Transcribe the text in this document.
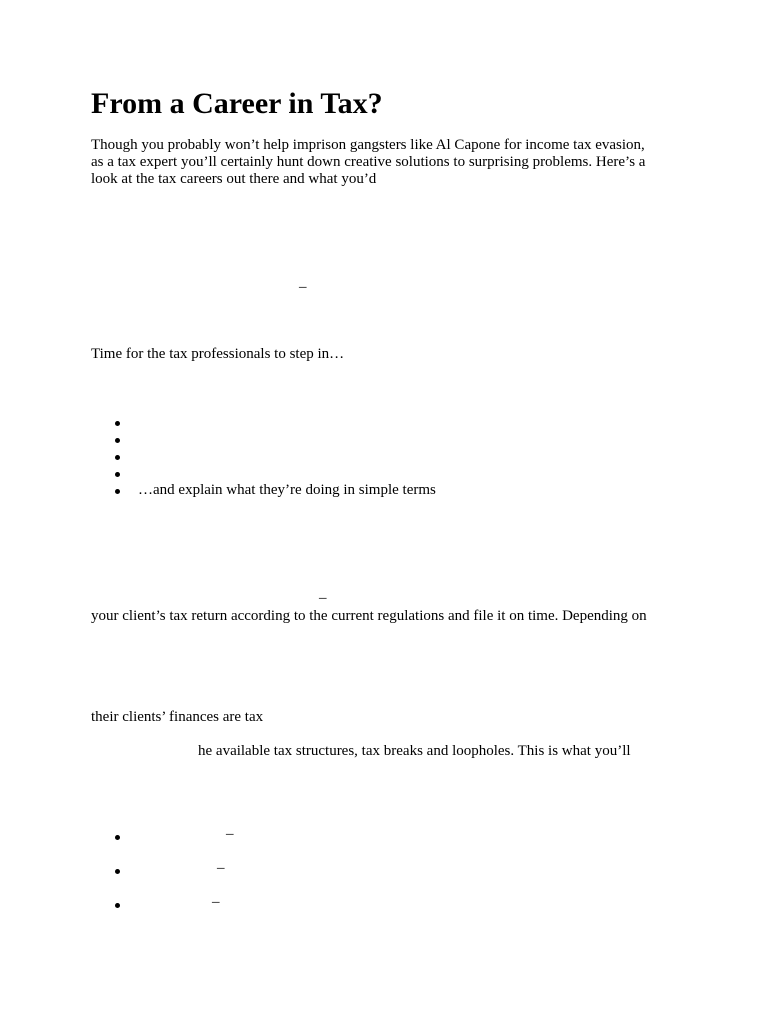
From a Career in Tax?

Though you probably won’t help imprison gangsters like Al Capone for income tax evasion,
as a tax expert you’ll certainly hunt down creative solutions to surprising problems. Here’s a
look at the tax careers out there and what you’d

–

Time for the tax professionals to step in…

…and explain what they’re doing in simple terms
–

your client’s tax return according to the current regulations and file it on time. Depending on

their clients’ finances are tax

he available tax structures, tax breaks and loopholes. This is what you’ll

–
–
–
